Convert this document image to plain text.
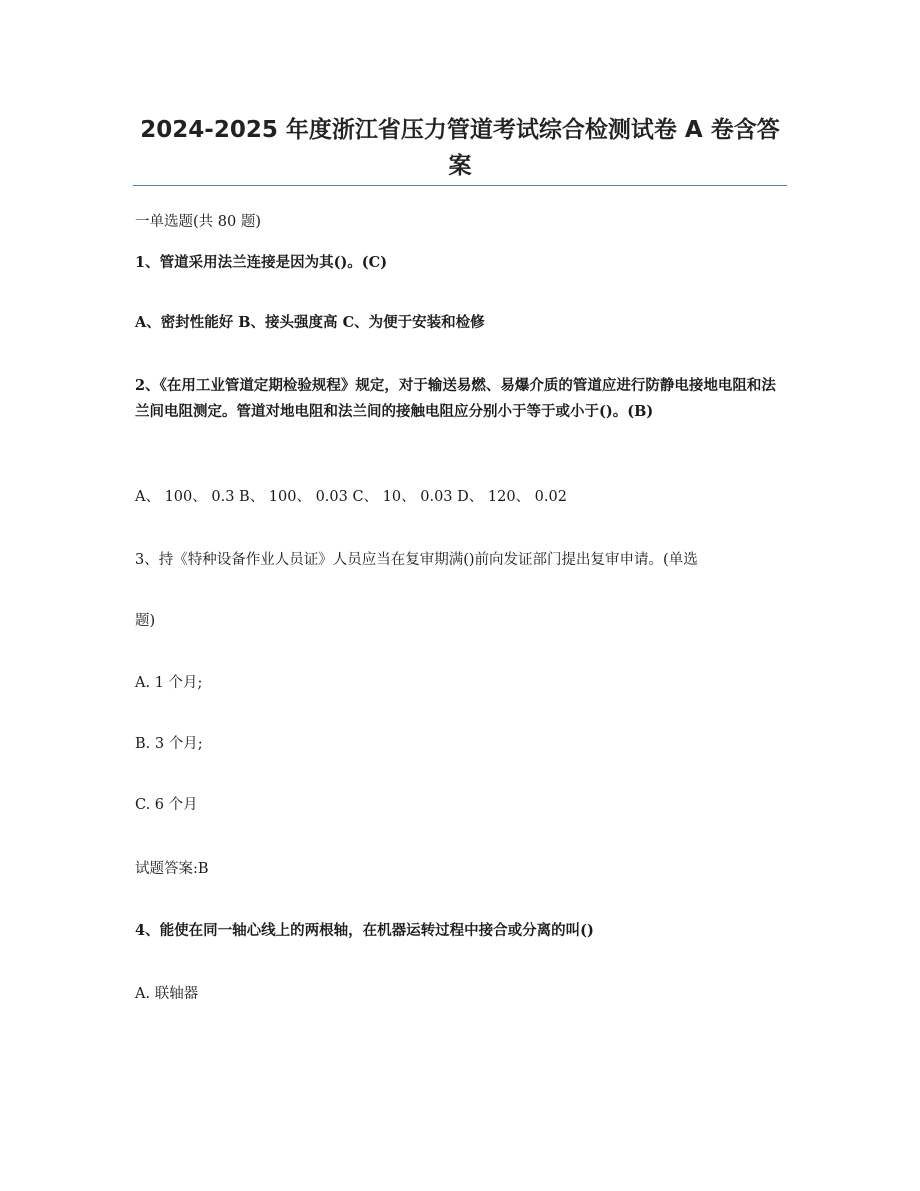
2024-2025 年度浙江省压力管道考试综合检测试卷 A 卷含答案
一单选题(共 80 题)
1、管道采用法兰连接是因为其()。(C)
A、密封性能好 B、接头强度高 C、为便于安装和检修
2、《在用工业管道定期检验规程》规定，对于输送易燃、易爆介质的管道应进行防静电接地电阻和法兰间电阻测定。管道对地电阻和法兰间的接触电阻应分别小于等于或小于()。(B)
A、 100、 0.3 B、 100、 0.03 C、 10、 0.03 D、 120、 0.02
3、持《特种设备作业人员证》人员应当在复审期满()前向发证部门提出复审申请。(单选
题)
A. 1 个月;
B. 3 个月;
C. 6 个月
试题答案:B
4、能使在同一轴心线上的两根轴，在机器运转过程中接合或分离的叫()
A. 联轴器
